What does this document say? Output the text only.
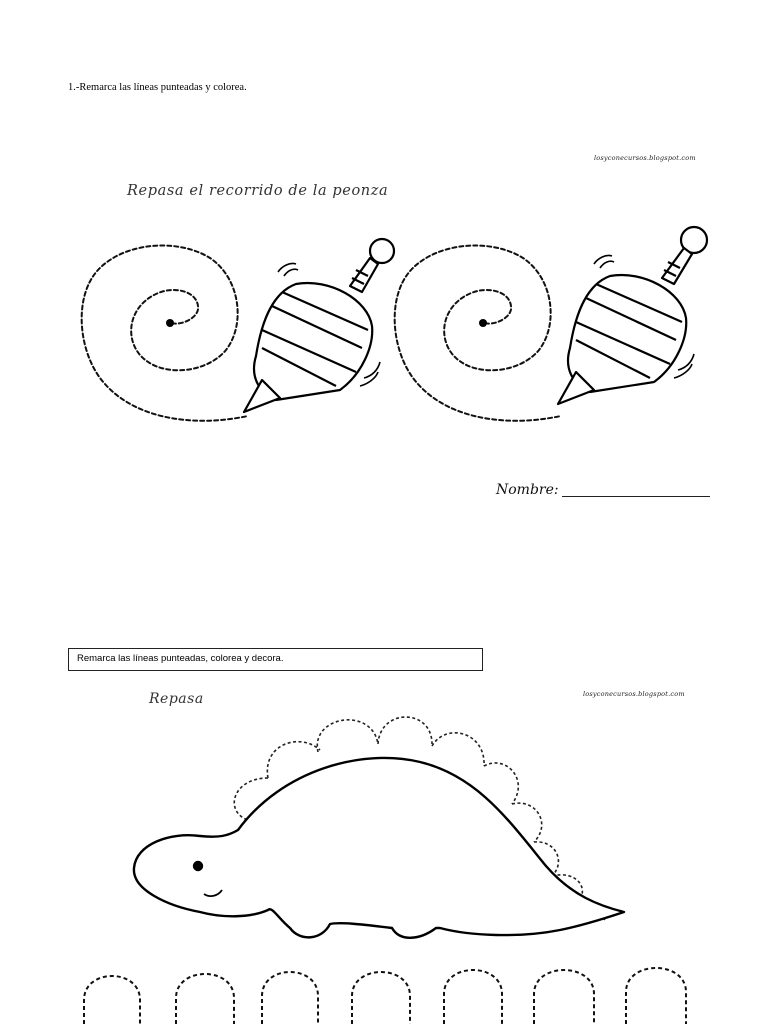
1.-Remarca las líneas punteadas y colorea.
losyconecursos.blogspot.com
Repasa el recorrido de la peonza
Nombre:
Remarca las líneas punteadas, colorea y decora.
Repasa	losyconecursos.blogspot.com
